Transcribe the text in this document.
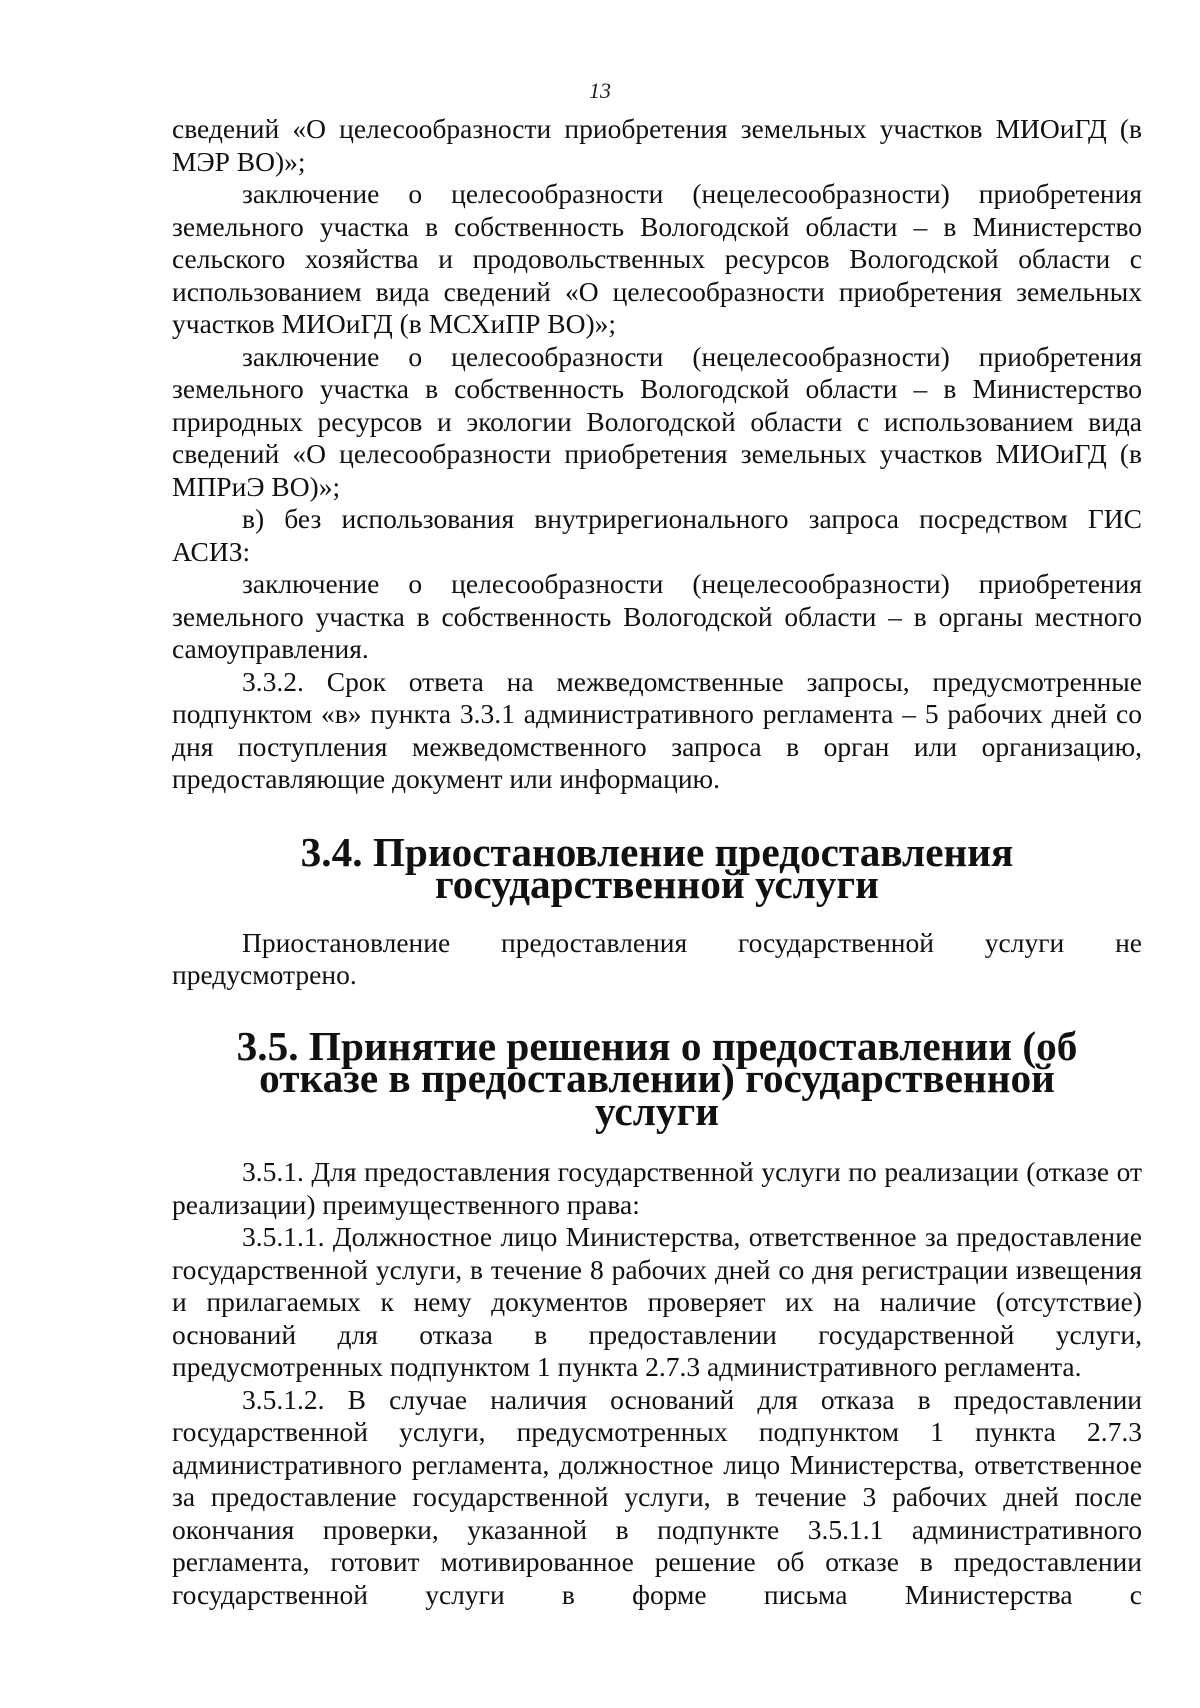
13

сведений «О целесообразности приобретения земельных участков МИОиГД (в МЭР ВО)»;

заключение о целесообразности (нецелесообразности) приобретения земельного участка в собственность Вологодской области – в Министерство сельского хозяйства и продовольственных ресурсов Вологодской области с использованием вида сведений «О целесообразности приобретения земельных участков МИОиГД (в МСХиПР ВО)»;

заключение о целесообразности (нецелесообразности) приобретения земельного участка в собственность Вологодской области – в Министерство природных ресурсов и экологии Вологодской области с использованием вида сведений «О целесообразности приобретения земельных участков МИОиГД (в МПРиЭ ВО)»;

в) без использования внутрирегионального запроса посредством ГИС АСИЗ:

заключение о целесообразности (нецелесообразности) приобретения земельного участка в собственность Вологодской области – в органы местного самоуправления.

3.3.2. Срок ответа на межведомственные запросы, предусмотренные подпунктом «в» пункта 3.3.1 административного регламента – 5 рабочих дней со дня поступления межведомственного запроса в орган или организацию, предоставляющие документ или информацию.

3.4. Приостановление предоставления государственной услуги

Приостановление предоставления государственной услуги не предусмотрено.

3.5. Принятие решения о предоставлении (об отказе в предоставлении) государственной услуги

3.5.1. Для предоставления государственной услуги по реализации (отказе от реализации) преимущественного права:

3.5.1.1. Должностное лицо Министерства, ответственное за предоставление государственной услуги, в течение 8 рабочих дней со дня регистрации извещения и прилагаемых к нему документов проверяет их на наличие (отсутствие) оснований для отказа в предоставлении государственной услуги, предусмотренных подпунктом 1 пункта 2.7.3 административного регламента.

3.5.1.2. В случае наличия оснований для отказа в предоставлении государственной услуги, предусмотренных подпунктом 1 пункта 2.7.3 административного регламента, должностное лицо Министерства, ответственное за предоставление государственной услуги, в течение 3 рабочих дней после окончания проверки, указанной в подпункте 3.5.1.1 административного регламента, готовит мотивированное решение об отказе в предоставлении государственной услуги в форме письма Министерства с
